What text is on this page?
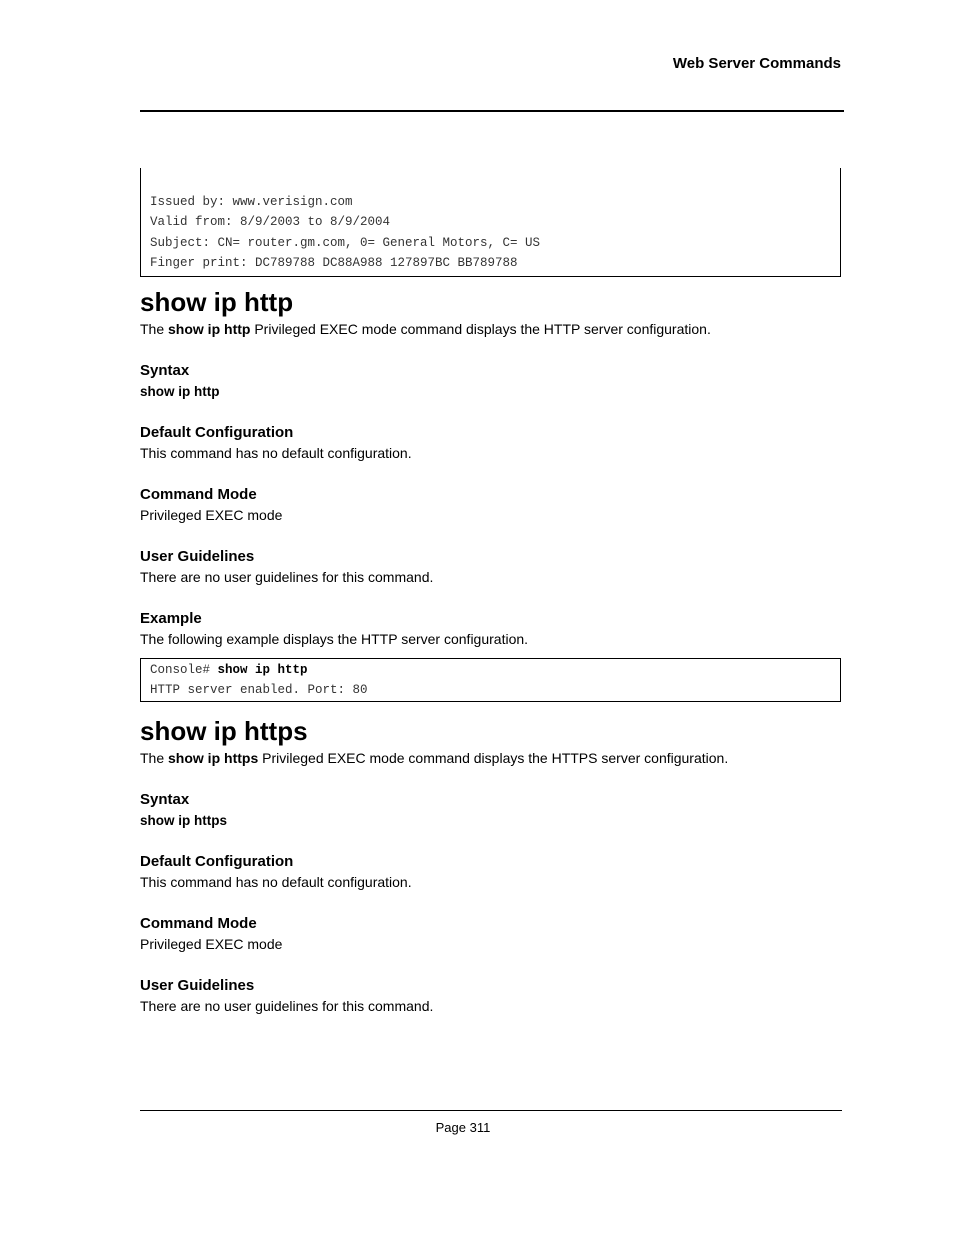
Web Server Commands

Issued by: www.verisign.com
Valid from: 8/9/2003 to 8/9/2004
Subject: CN= router.gm.com, 0= General Motors, C= US
Finger print: DC789788 DC88A988 127897BC BB789788
show ip http

The show ip http Privileged EXEC mode command displays the HTTP server configuration.

Syntax

show ip http

Default Configuration

This command has no default configuration.

Command Mode

Privileged EXEC mode

User Guidelines

There are no user guidelines for this command.

Example

The following example displays the HTTP server configuration.

Console# show ip http
HTTP server enabled. Port: 80
show ip https

The show ip https Privileged EXEC mode command displays the HTTPS server configuration.

Syntax

show ip https

Default Configuration

This command has no default configuration.

Command Mode

Privileged EXEC mode

User Guidelines

There are no user guidelines for this command.

Page 311
